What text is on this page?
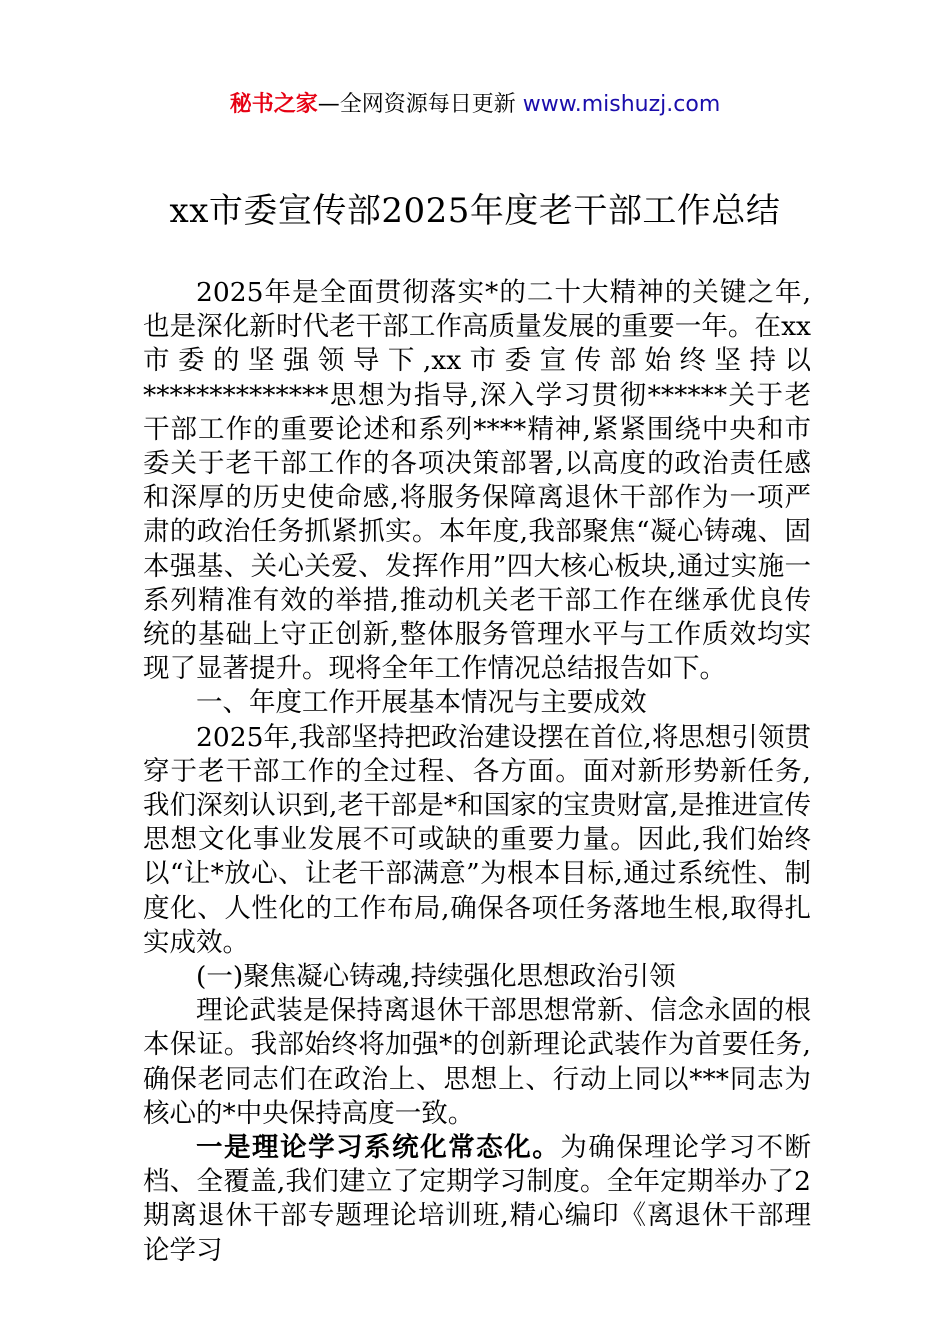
秘书之家—全网资源每日更新 www.mishuzj.com
xx市委宣传部2025年度老干部工作总结

2025年是全面贯彻落实*的二十大精神的关键之年,也是深化新时代老干部工作高质量发展的重要一年。在xx市委的坚强领导下,xx市委宣传部始终坚持以**************思想为指导,深入学习贯彻******关于老干部工作的重要论述和系列****精神,紧紧围绕中央和市委关于老干部工作的各项决策部署,以高度的政治责任感和深厚的历史使命感,将服务保障离退休干部作为一项严肃的政治任务抓紧抓实。本年度,我部聚焦“凝心铸魂、固本强基、关心关爱、发挥作用”四大核心板块,通过实施一系列精准有效的举措,推动机关老干部工作在继承优良传统的基础上守正创新,整体服务管理水平与工作质效均实现了显著提升。现将全年工作情况总结报告如下。

一、年度工作开展基本情况与主要成效

2025年,我部坚持把政治建设摆在首位,将思想引领贯穿于老干部工作的全过程、各方面。面对新形势新任务,我们深刻认识到,老干部是*和国家的宝贵财富,是推进宣传思想文化事业发展不可或缺的重要力量。因此,我们始终以“让*放心、让老干部满意”为根本目标,通过系统性、制度化、人性化的工作布局,确保各项任务落地生根,取得扎实成效。

(一)聚焦凝心铸魂,持续强化思想政治引领

理论武装是保持离退休干部思想常新、信念永固的根本保证。我部始终将加强*的创新理论武装作为首要任务,确保老同志们在政治上、思想上、行动上同以***同志为核心的*中央保持高度一致。

一是理论学习系统化常态化。为确保理论学习不断档、全覆盖,我们建立了定期学习制度。全年定期举办了2期离退休干部专题理论培训班,精心编印《离退休干部理论学习
